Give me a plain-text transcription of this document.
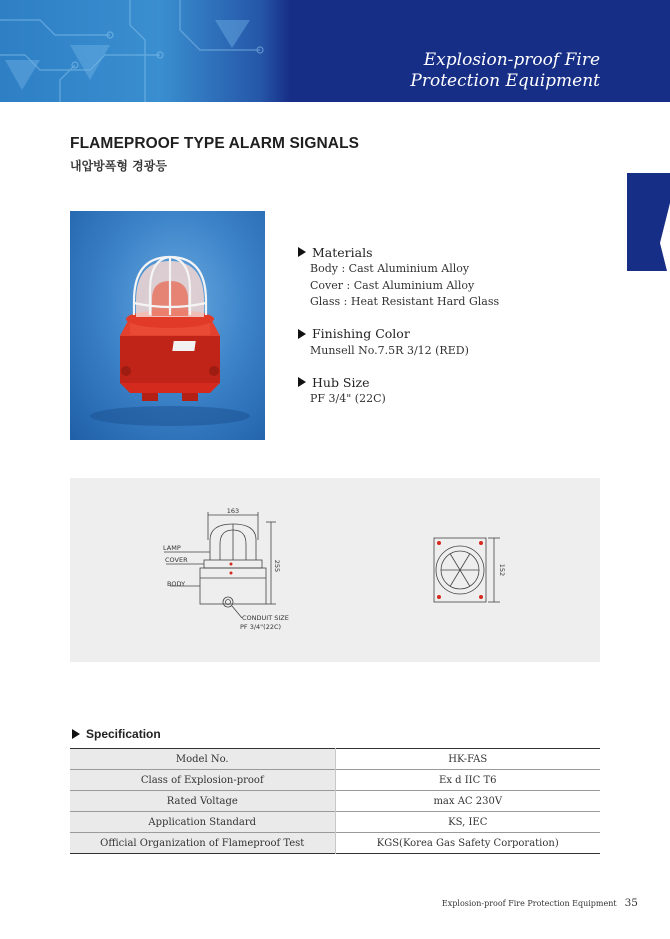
Explosion-proof Fire
Protection Equipment
FLAMEPROOF TYPE ALARM SIGNALS
내압방폭형 경광등
Materials
Body : Cast Aluminium Alloy
Cover : Cast Aluminium Alloy
Glass : Heat Resistant Hard Glass
Finishing Color
Munsell No.7.5R 3/12 (RED)
Hub Size
PF 3/4" (22C)
163
255
LAMP
COVER
BODY
CONDUIT SIZE
PF 3/4"(22C)
152
Specification
Model No.	HK-FAS
Class of Explosion-proof	Ex d IIC T6
Rated Voltage	max AC 230V
Application Standard	KS, IEC
Official Organization of Flameproof Test	KGS(Korea Gas Safety Corporation)
Explosion-proof Fire Protection Equipment 35
